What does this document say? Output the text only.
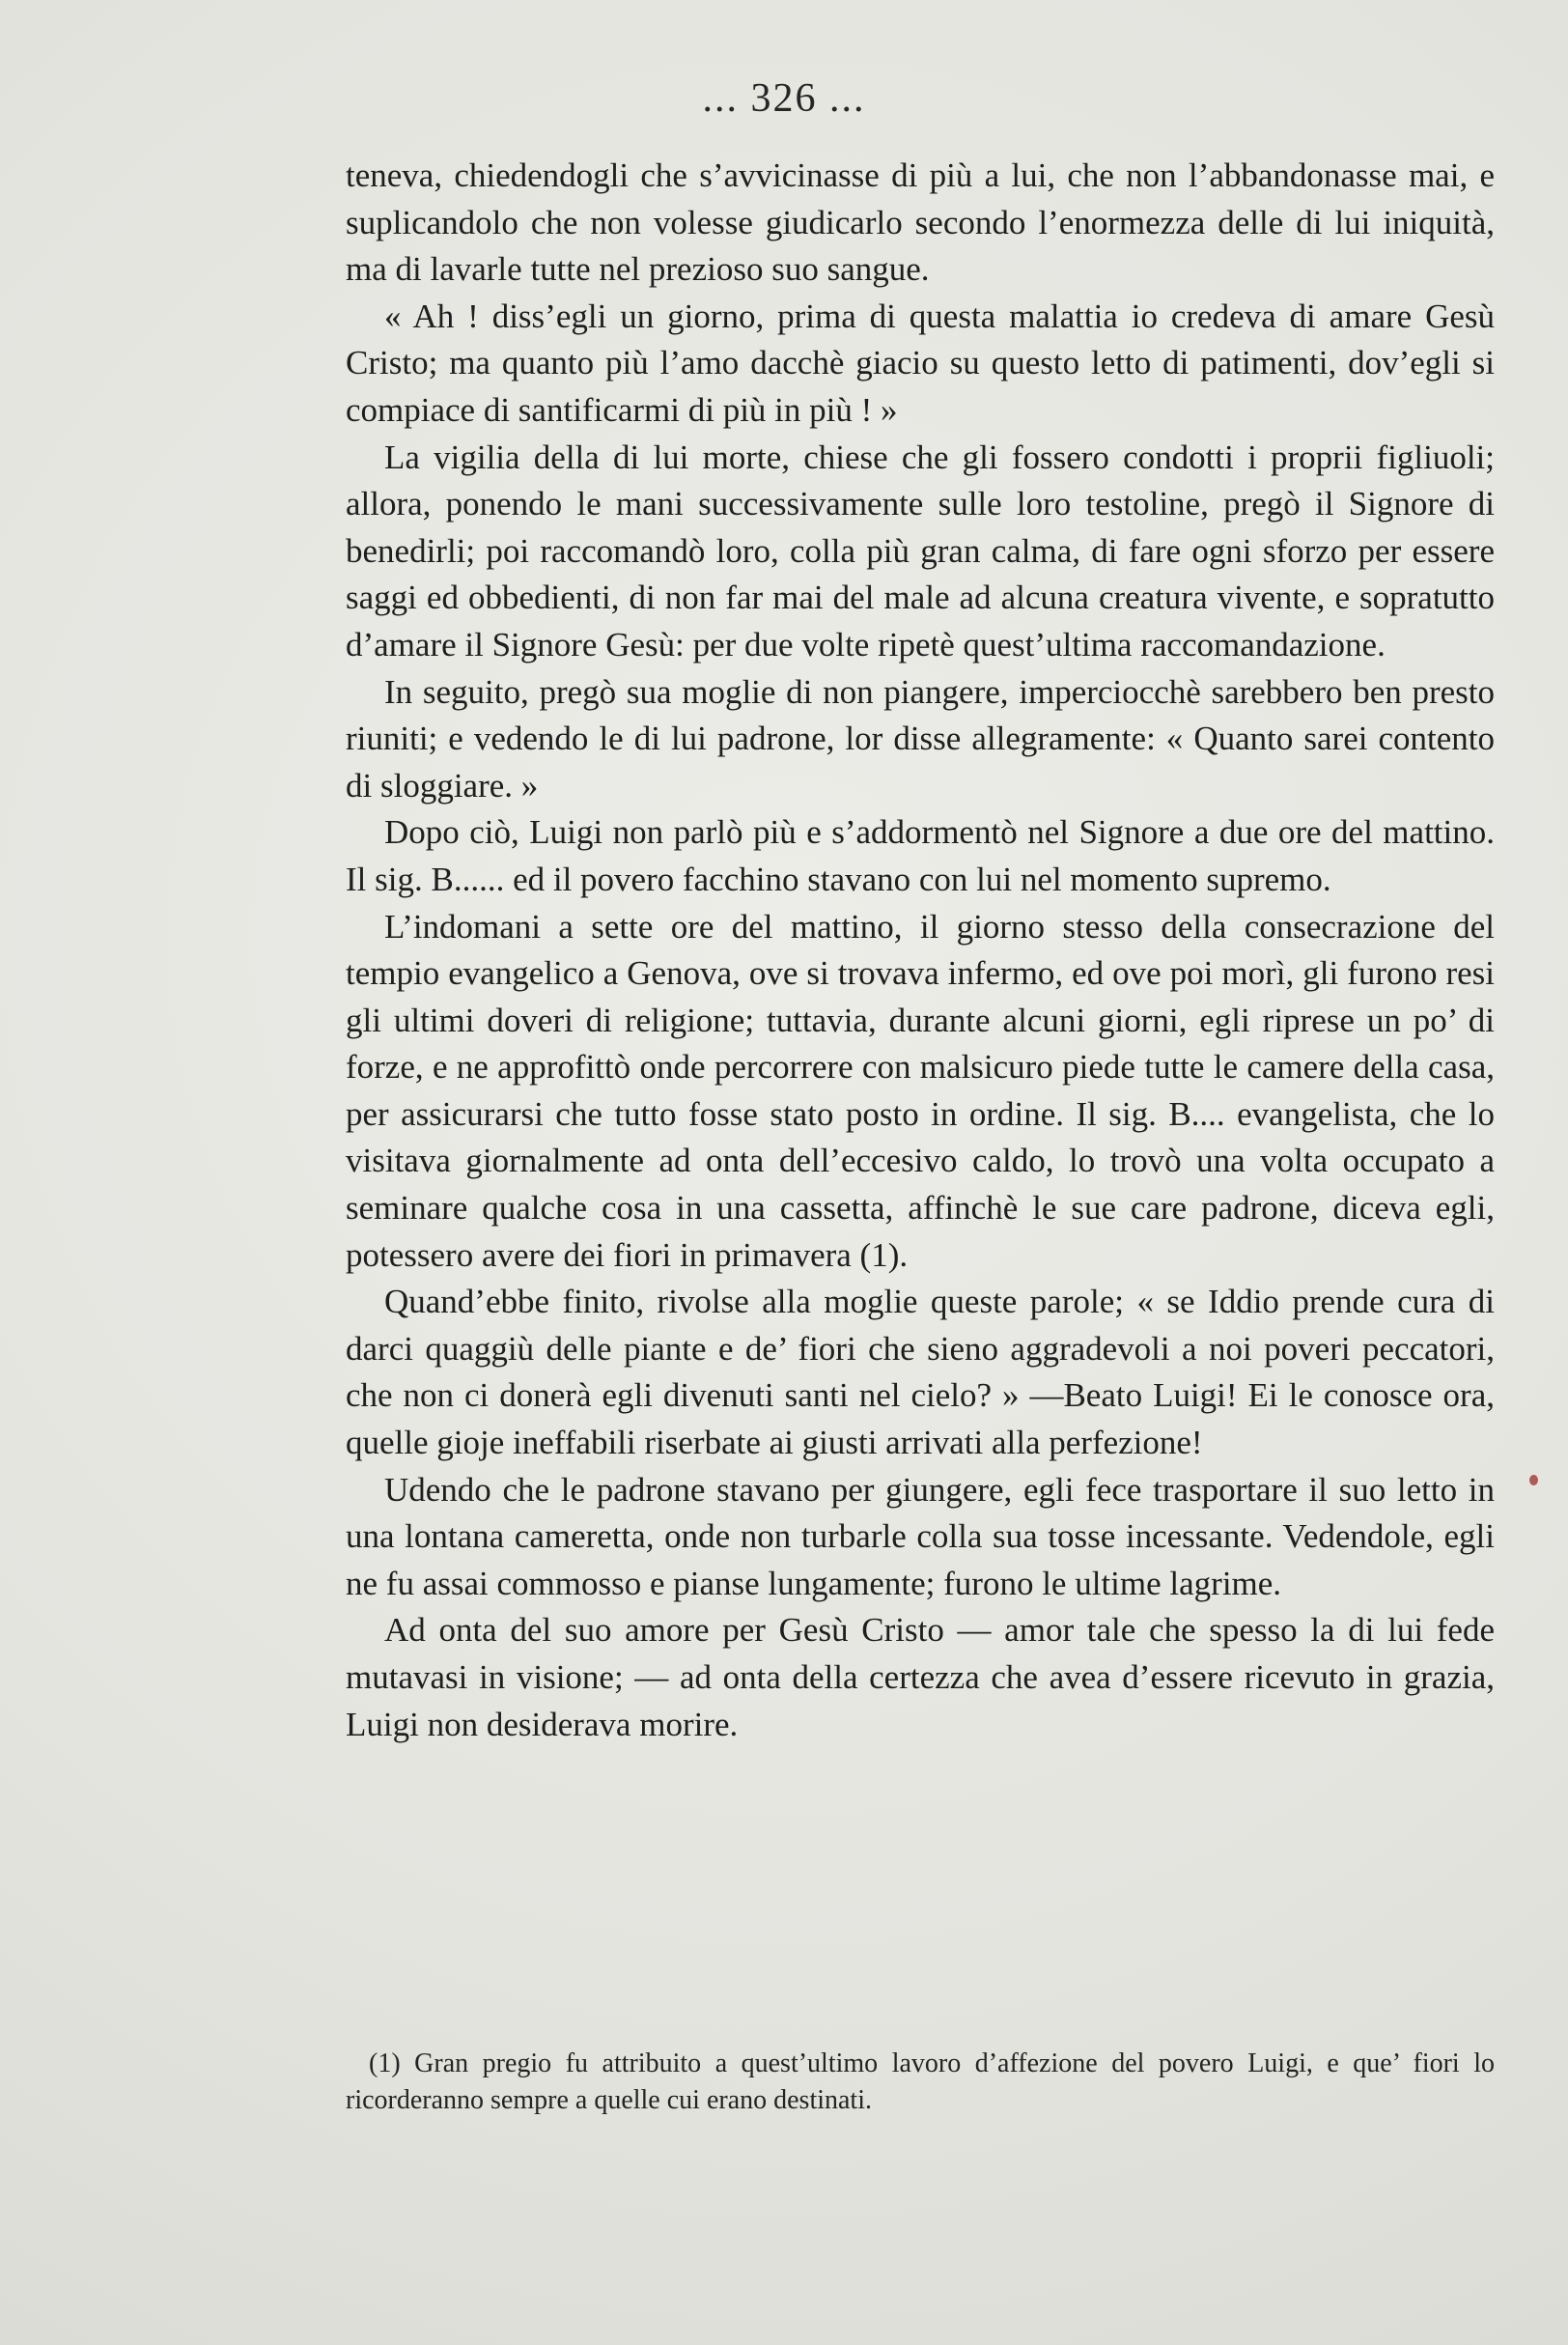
... 326 ...

teneva, chiedendogli che s’avvicinasse di più a lui, che non l’abbandonasse mai, e suplicandolo che non volesse giudicarlo secondo l’enormezza delle di lui iniquità, ma di lavarle tutte nel prezioso suo sangue.

« Ah ! diss’egli un giorno, prima di questa malattia io credeva di amare Gesù Cristo; ma quanto più l’amo dacchè giacio su questo letto di patimenti, dov’egli si compiace di santificarmi di più in più ! »

La vigilia della di lui morte, chiese che gli fossero condotti i proprii figliuoli; allora, ponendo le mani successivamente sulle loro testoline, pregò il Signore di benedirli; poi raccomandò loro, colla più gran calma, di fare ogni sforzo per essere saggi ed obbedienti, di non far mai del male ad alcuna creatura vivente, e sopratutto d’amare il Signore Gesù: per due volte ripetè quest’ultima raccomandazione.

In seguito, pregò sua moglie di non piangere, imperciocchè sarebbero ben presto riuniti; e vedendo le di lui padrone, lor disse allegramente: « Quanto sarei contento di sloggiare. »

Dopo ciò, Luigi non parlò più e s’addormentò nel Signore a due ore del mattino. Il sig. B...... ed il povero facchino stavano con lui nel momento supremo.

L’indomani a sette ore del mattino, il giorno stesso della consecrazione del tempio evangelico a Genova, ove si trovava infermo, ed ove poi morì, gli furono resi gli ultimi doveri di religione; tuttavia, durante alcuni giorni, egli riprese un po’ di forze, e ne approfittò onde percorrere con malsicuro piede tutte le camere della casa, per assicurarsi che tutto fosse stato posto in ordine. Il sig. B.... evangelista, che lo visitava giornalmente ad onta dell’eccesivo caldo, lo trovò una volta occupato a seminare qualche cosa in una cassetta, affinchè le sue care padrone, diceva egli, potessero avere dei fiori in primavera (1).

Quand’ebbe finito, rivolse alla moglie queste parole; « se Iddio prende cura di darci quaggiù delle piante e de’ fiori che sieno aggradevoli a noi poveri peccatori, che non ci donerà egli divenuti santi nel cielo? » —Beato Luigi! Ei le conosce ora, quelle gioje ineffabili riserbate ai giusti arrivati alla perfezione!

Udendo che le padrone stavano per giungere, egli fece trasportare il suo letto in una lontana cameretta, onde non turbarle colla sua tosse incessante. Vedendole, egli ne fu assai commosso e pianse lungamente; furono le ultime lagrime.

Ad onta del suo amore per Gesù Cristo — amor tale che spesso la di lui fede mutavasi in visione; — ad onta della certezza che avea d’essere ricevuto in grazia, Luigi non desiderava morire.

(1) Gran pregio fu attribuito a quest’ultimo lavoro d’affezione del povero Luigi, e que’ fiori lo ricorderanno sempre a quelle cui erano destinati.
